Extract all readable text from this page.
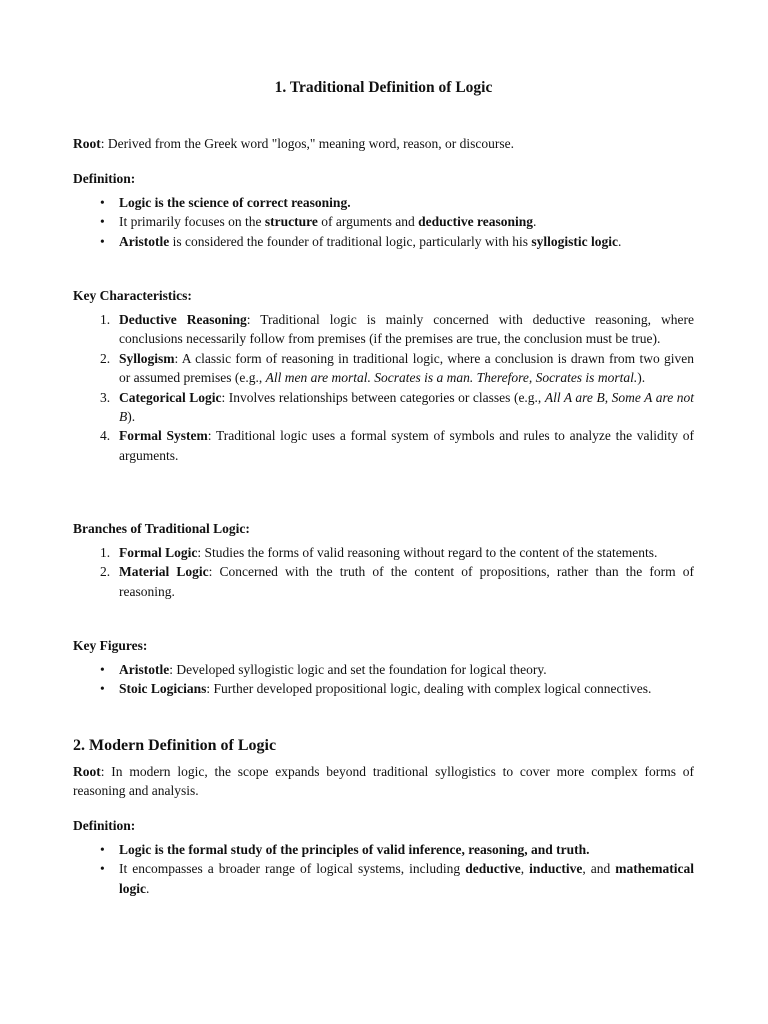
1. Traditional Definition of Logic

Root: Derived from the Greek word "logos," meaning word, reason, or discourse.

Definition:
• Logic is the science of correct reasoning.
• It primarily focuses on the structure of arguments and deductive reasoning.
• Aristotle is considered the founder of traditional logic, particularly with his syllogistic logic.
Key Characteristics:
1. Deductive Reasoning: Traditional logic is mainly concerned with deductive reasoning, where conclusions necessarily follow from premises (if the premises are true, the conclusion must be true).
2. Syllogism: A classic form of reasoning in traditional logic, where a conclusion is drawn from two given or assumed premises (e.g., All men are mortal. Socrates is a man. Therefore, Socrates is mortal.).
3. Categorical Logic: Involves relationships between categories or classes (e.g., All A are B, Some A are not B).
4. Formal System: Traditional logic uses a formal system of symbols and rules to analyze the validity of arguments.
Branches of Traditional Logic:
1. Formal Logic: Studies the forms of valid reasoning without regard to the content of the statements.
2. Material Logic: Concerned with the truth of the content of propositions, rather than the form of reasoning.
Key Figures:
• Aristotle: Developed syllogistic logic and set the foundation for logical theory.
• Stoic Logicians: Further developed propositional logic, dealing with complex logical connectives.
2. Modern Definition of Logic

Root: In modern logic, the scope expands beyond traditional syllogistics to cover more complex forms of reasoning and analysis.

Definition:
• Logic is the formal study of the principles of valid inference, reasoning, and truth.
• It encompasses a broader range of logical systems, including deductive, inductive, and mathematical logic.
